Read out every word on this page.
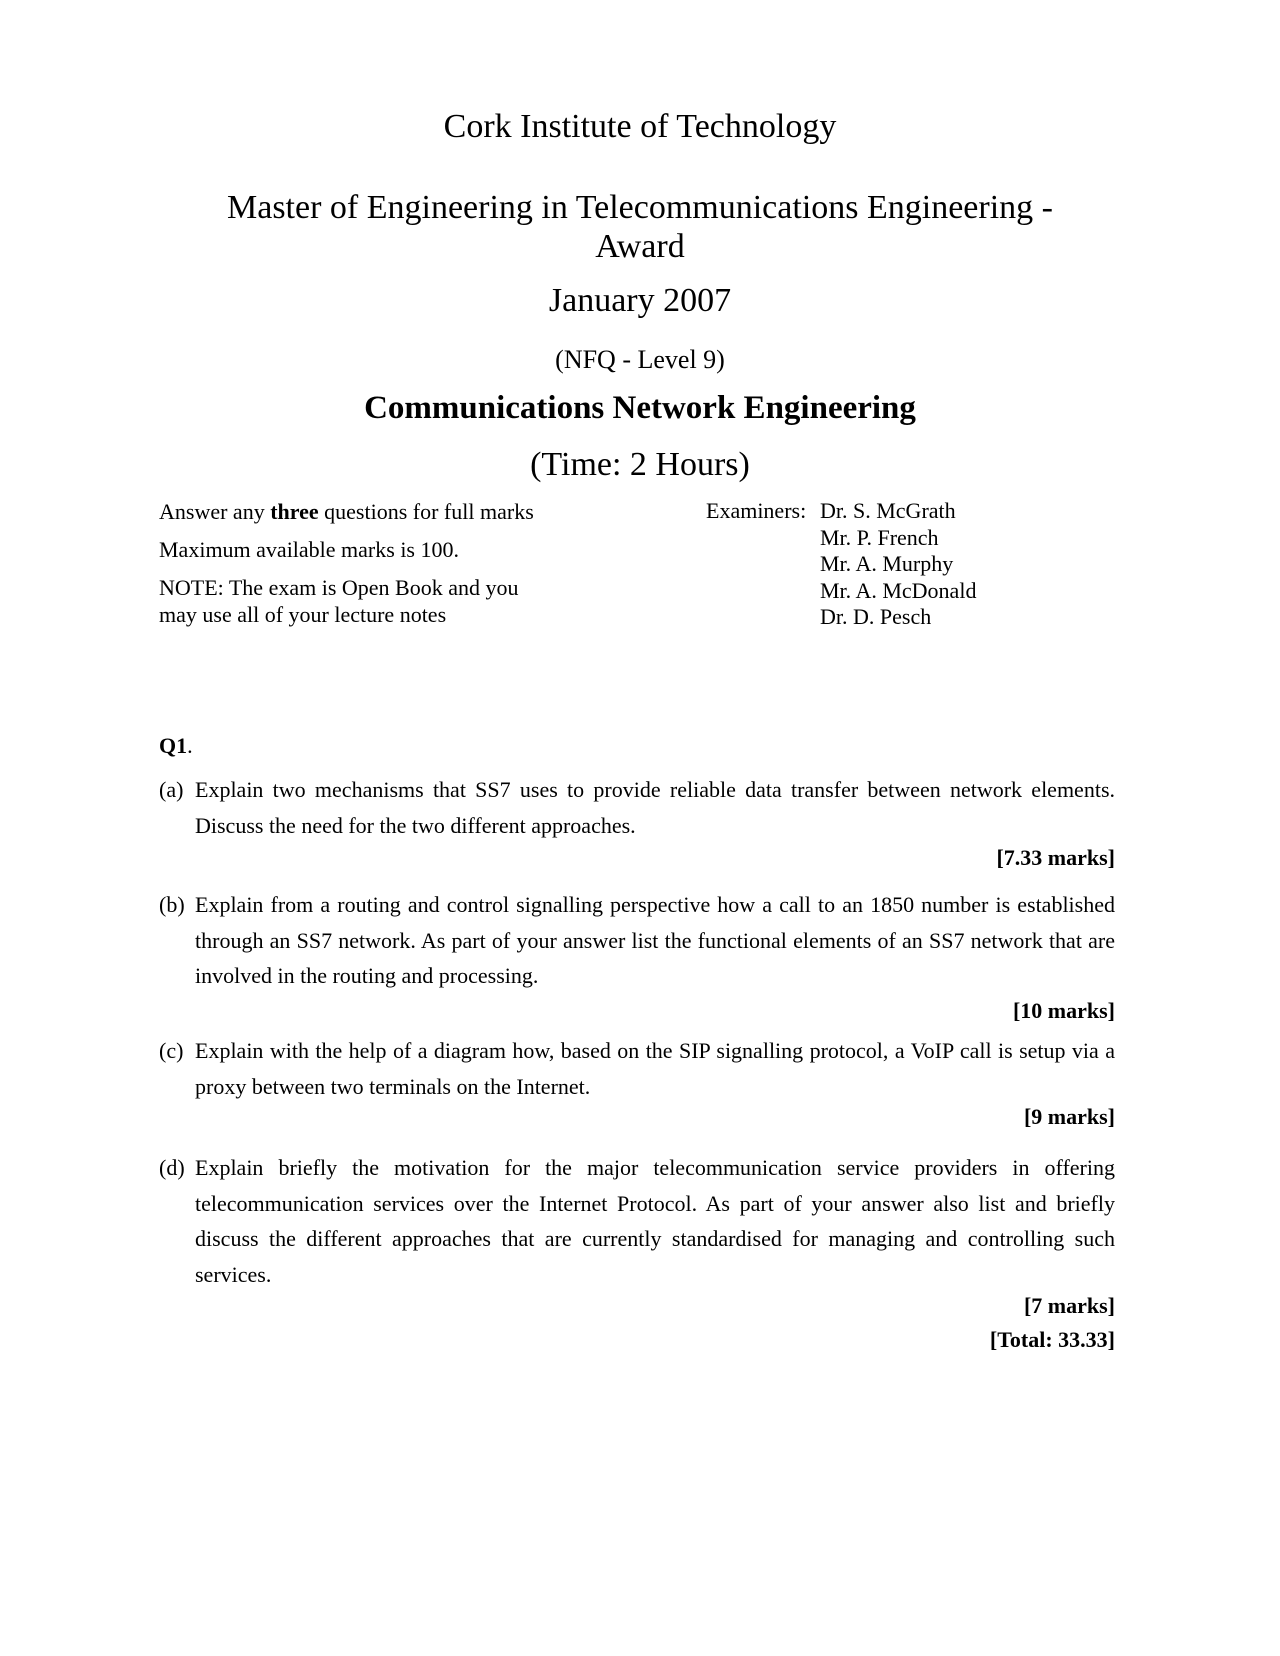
Cork Institute of Technology
Master of Engineering in Telecommunications Engineering -
Award
January 2007
(NFQ - Level 9)
Communications Network Engineering
(Time: 2 Hours)
Answer any three questions for full marks
Maximum available marks is 100.
NOTE: The exam is Open Book and you
may use all of your lecture notes
Examiners: Dr. S. McGrath
Mr. P. French
Mr. A. Murphy
Mr. A. McDonald
Dr. D. Pesch
Q1.
(a) Explain two mechanisms that SS7 uses to provide reliable data transfer between network elements. Discuss the need for the two different approaches.
[7.33 marks]
(b) Explain from a routing and control signalling perspective how a call to an 1850 number is established through an SS7 network. As part of your answer list the functional elements of an SS7 network that are involved in the routing and processing.
[10 marks]
(c) Explain with the help of a diagram how, based on the SIP signalling protocol, a VoIP call is setup via a proxy between two terminals on the Internet.
[9 marks]
(d) Explain briefly the motivation for the major telecommunication service providers in offering telecommunication services over the Internet Protocol. As part of your answer also list and briefly discuss the different approaches that are currently standardised for managing and controlling such services.
[7 marks]
[Total: 33.33]
